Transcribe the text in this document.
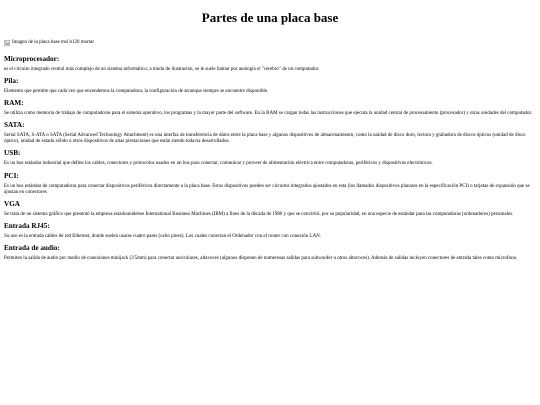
Partes de una placa base
Imagen de la placa base msi b120 mortar
Microprocesador:

es el circuito integrado central más complejo de un sistema informático; a modo de ilustración, se le suele llamar por analogía el "cerebro" de un computador.

Pila:

Elemento que permite que cada vez que encendemos la computadora, la configuración de arranque siempre se encuentre disponible.

RAM:

Se utiliza como memoria de trabajo de computadoras para el sistema operativo, los programas y la mayor parte del software. En la RAM se cargan todas las instrucciones que ejecuta la unidad central de procesamiento (procesador) y otras unidades del computador.

SATA:

Serial SATA, S-ATA o SATA (Serial Advanced Technology Attachment) es una interfaz de transferencia de datos entre la placa base y algunos dispositivos de almacenamiento, como la unidad de disco duro, lectora y grabadora de discos ópticos (unidad de disco óptico), unidad de estado sólido u otros dispositivos de altas prestaciones que están siendo todavía desarrollados.

USB:

Es un bus estándar industrial que define los cables, conectores y protocolos usados en un bus para conectar, comunicar y proveer de alimentación eléctrica entre computadoras, periféricos y dispositivos electrónicos.

PCI:

Es un bus estándar de computadoras para conectar dispositivos periféricos directamente a la placa base. Estos dispositivos pueden ser circuitos integrados ajustados en esta (los llamados dispositivos planares en la especificación PCI) o tarjetas de expansión que se ajustan en conectores

VGA

Se trata de un sistema gráfico que presentó la empresa estadounidense International Business Machines (IBM) a fines de la década de 1980 y que se convirtió, por su popularidad, en una especie de estándar para las computadoras (ordenadores) personales.

Entrada RJ45:

Su uso es la entrada cables de red Ethernet, donde suelen usarse cuatro pares (ocho pines). Los cuales conectan el Ordenador con el router con conexión LAN.

Entrada de audio:

Permiten la salida de audio por medio de conexiones minijack (3'5mm) para conectar auriculares, altavoces (algunos disponen de numerosas salidas para subwoofer u otros altavoces). Además de salidas incluyen conectores de entrada tales como microfono.
